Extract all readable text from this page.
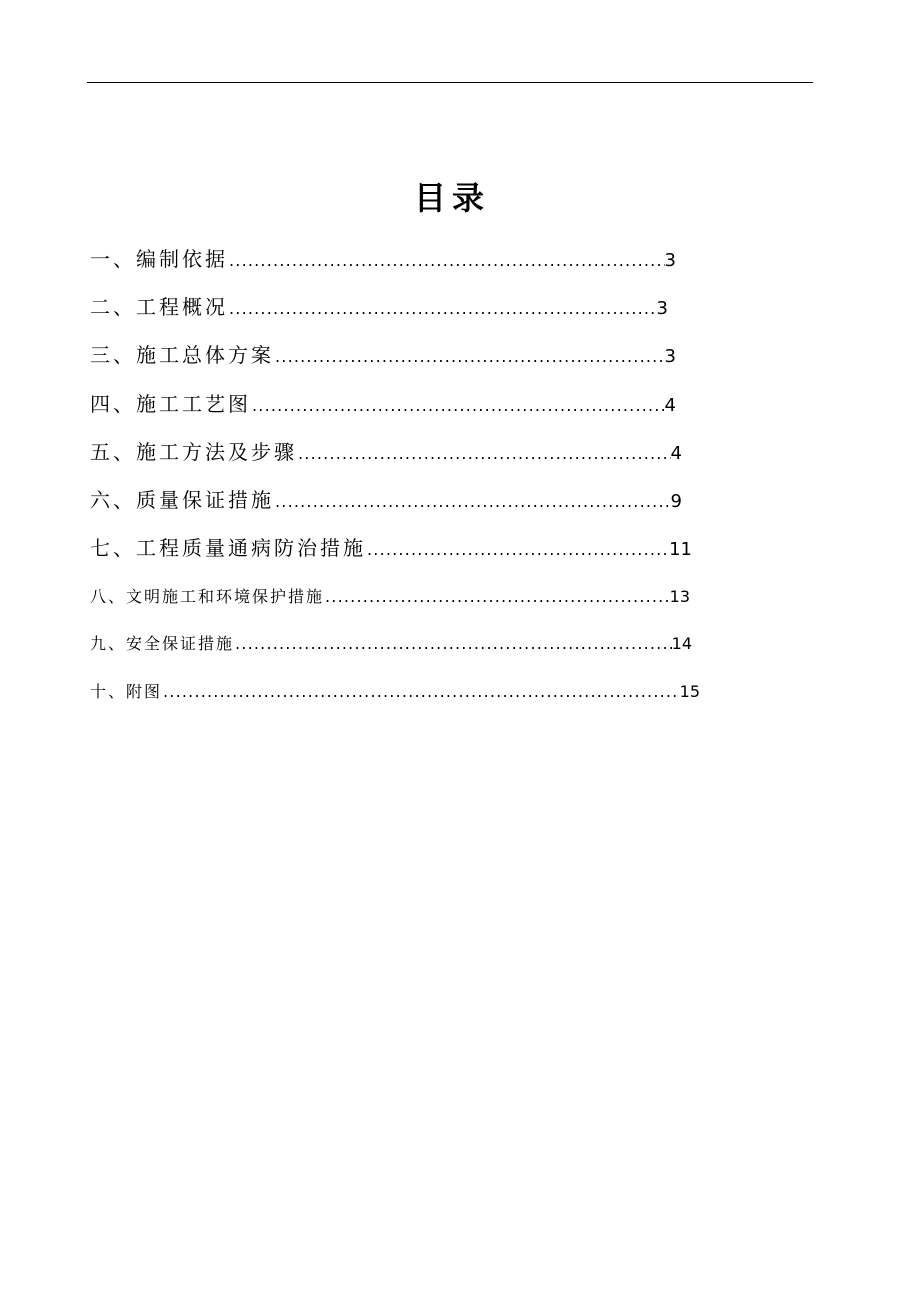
目录
一、编制依据 .....	3
二、工程概况 .....	3
三、施工总体方案 .....	3
四、施工工艺图 .....	4
五、施工方法及步骤 .....	4
六、质量保证措施 .....	9
七、工程质量通病防治措施 .....	11
八、文明施工和环境保护措施 .....	13
九、安全保证措施 .....	14
十、附图 .....	15
